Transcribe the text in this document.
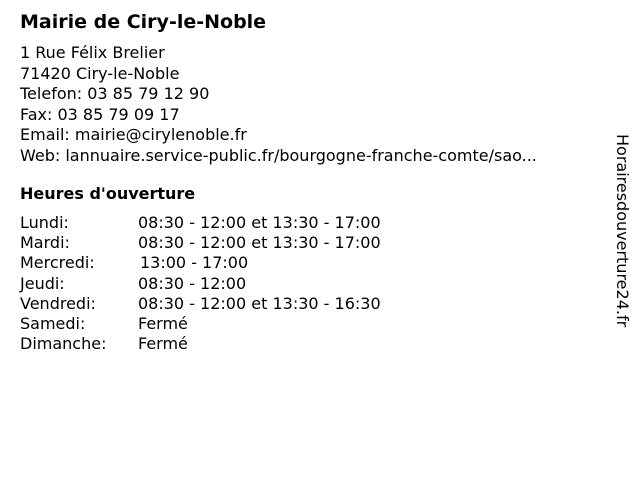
Mairie de Ciry-le-Noble
1 Rue Félix Brelier
71420 Ciry-le-Noble
Telefon: 03 85 79 12 90
Fax: 03 85 79 09 17
Email: mairie@cirylenoble.fr
Web: lannuaire.service-public.fr/bourgogne-franche-comte/sao...
Heures d'ouverture
Lundi:	08:30 - 12:00 et 13:30 - 17:00
Mardi:	08:30 - 12:00 et 13:30 - 17:00
Mercredi:	13:00 - 17:00
Jeudi:	08:30 - 12:00
Vendredi:	08:30 - 12:00 et 13:30 - 16:30
Samedi:	Fermé
Dimanche:	Fermé
Horairesdouverture24.fr
